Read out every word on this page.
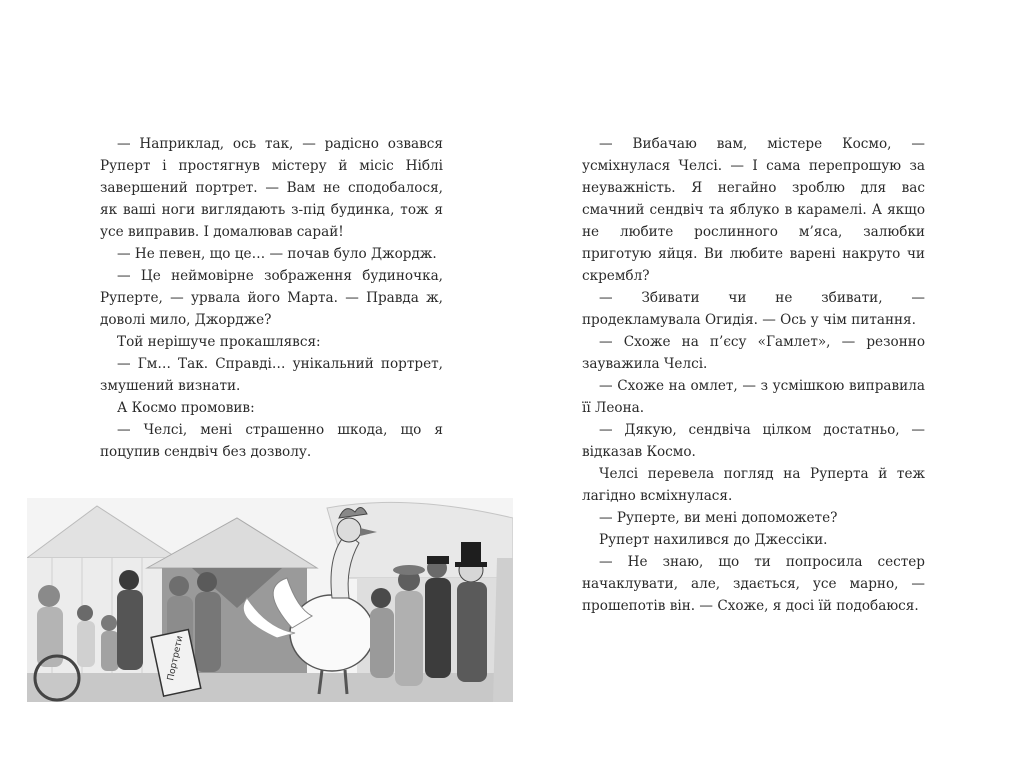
— Наприклад, ось так, — радісно озвався Руперт і простягнув містеру й місіс Ніблі завершений портрет. — Вам не сподобалося, як ваші ноги виглядають з-під будинка, тож я усе виправив. І домалював сарай!

— Не певен, що це… — почав було Джордж.

— Це неймовірне зображення будиночка, Руперте, — урвала його Марта. — Правда ж, доволі мило, Джордже?

Той нерішуче прокашлявся:

— Гм… Так. Справді… унікальний портрет, змушений визнати.

А Космо промовив:

— Челсі, мені страшенно шкода, що я поцупив сендвіч без дозволу.

Портрети

— Вибачаю вам, містере Космо, — усміхнулася Челсі. — І сама перепрошую за неуважність. Я негайно зроблю для вас смачний сендвіч та яблуко в карамелі. А якщо не любите рослинного м’яса, залюбки приготую яйця. Ви любите варені накруто чи скрембл?

— Збивати чи не збивати, — продекламувала Огидія. — Ось у чім питання.

— Схоже на п’єсу «Гамлет», — резонно зауважила Челсі.

— Схоже на омлет, — з усмішкою виправила її Леона.

— Дякую, сендвіча цілком достатньо, — відказав Космо.

Челсі перевела погляд на Руперта й теж лагідно всміхнулася.

— Руперте, ви мені допоможете?

Руперт нахилився до Джессіки.

— Не знаю, що ти попросила сестер начаклувати, але, здається, усе марно, — прошепотів він. — Схоже, я досі їй подобаюся.
